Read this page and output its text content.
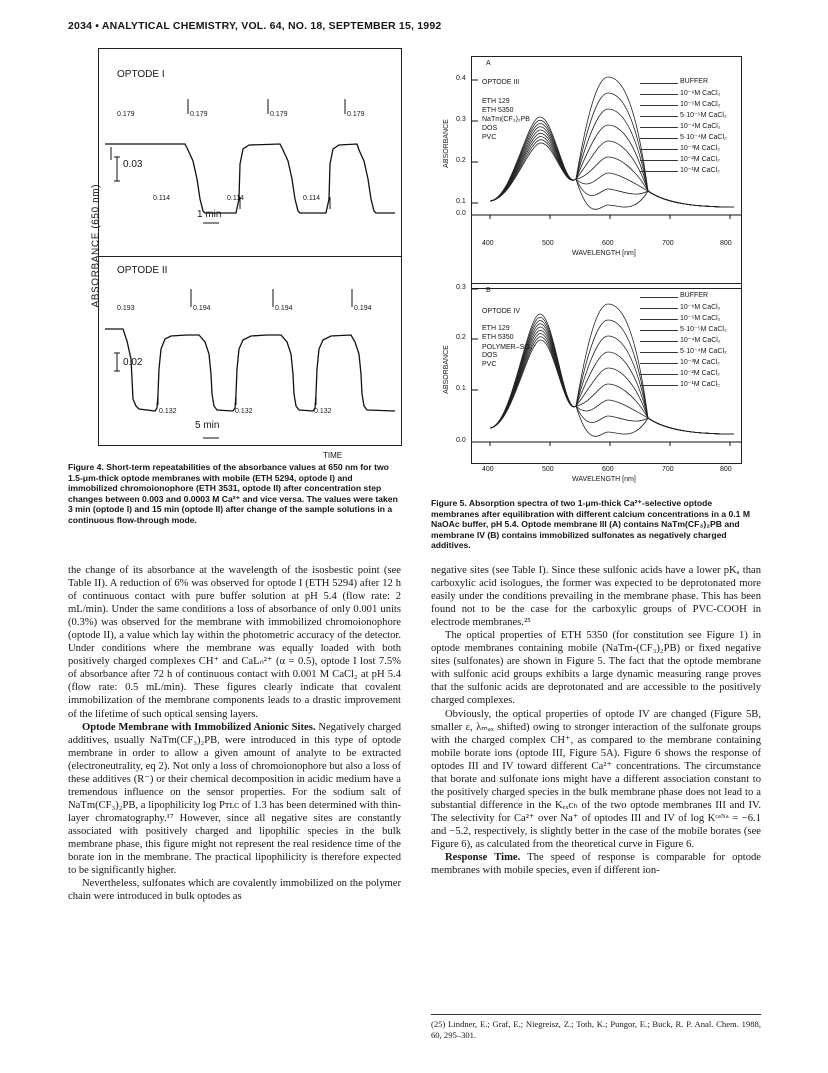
2034 • ANALYTICAL CHEMISTRY, VOL. 64, NO. 18, SEPTEMBER 15, 1992
OPTODE I
OPTODE II
0.179	0.179	0.179	0.179
0.03
0.114	0.114	0.114
1 min
0.193	0.194	0.194	0.194
0.02
0.132	0.132	0.132
5 min
ABSORBANCE (650 nm)
TIME
Figure 4. Short-term repeatabilities of the absorbance values at 650 nm for two 1.5-μm-thick optode membranes with mobile (ETH 5294, optode I) and immobilized chromoionophore (ETH 3531, optode II) after concentration step changes between 0.003 and 0.0003 M Ca²⁺ and vice versa. The values were taken 3 min (optode I) and 15 min (optode II) after change of the sample solutions in a continuous flow-through mode.
A
OPTODE III
ETH 129
ETH 5350
NaTm(CF₃)₂PB
DOS
PVC
BUFFER
10⁻⁶M CaCl₂
10⁻⁵M CaCl₂
5·10⁻⁵M CaCl₂
10⁻⁴M CaCl₂
5·10⁻⁴M CaCl₂
10⁻³M CaCl₂
10⁻²M CaCl₂
10⁻¹M CaCl₂
0.4
0.3
0.2
0.1
0.0
400	500	600	700	800
WAVELENGTH [nm]
ABSORBANCE
B
OPTODE IV
ETH 129
ETH 5350
POLYMER–SO₃⁻
DOS
PVC
BUFFER
10⁻⁶M CaCl₂
10⁻⁵M CaCl₂
5·10⁻⁵M CaCl₂
10⁻⁴M CaCl₂
5·10⁻⁴M CaCl₂
10⁻³M CaCl₂
10⁻²M CaCl₂
10⁻¹M CaCl₂
0.3
0.2
0.1
0.0
400	500	600	700	800
WAVELENGTH [nm]
ABSORBANCE
Figure 5. Absorption spectra of two 1-μm-thick Ca²⁺-selective optode membranes after equilibration with different calcium concentrations in a 0.1 M NaOAc buffer, pH 5.4. Optode membrane III (A) contains NaTm(CF₃)₂PB and membrane IV (B) contains immobilized sulfonates as negatively charged additives.

the change of its absorbance at the wavelength of the isosbestic point (see Table II). A reduction of 6% was observed for optode I (ETH 5294) after 12 h of continuous contact with pure buffer solution at pH 5.4 (flow rate: 2 mL/min). Under the same conditions a loss of absorbance of only 0.001 units (0.3%) was observed for the membrane with immobilized chromoionophore (optode II), a value which lay within the photometric accuracy of the detector. Under conditions where the membrane was equally loaded with both positively charged complexes CH⁺ and CaLₙ²⁺ (α = 0.5), optode I lost 7.5% of absorbance after 72 h of continuous contact with 0.001 M CaCl₂ at pH 5.4 (flow rate: 0.5 mL/min). These figures clearly indicate that covalent immobilization of the membrane components leads to a drastic improvement of the lifetime of such optical sensing layers.

Optode Membrane with Immobilized Anionic Sites. Negatively charged additives, usually NaTm(CF₃)₂PB, were introduced in this type of optode membrane in order to allow a given amount of analyte to be extracted (electroneutrality, eq 2). Not only a loss of chromoionophore but also a loss of these additives (R⁻) or their chemical decomposition in acidic medium have a tremendous influence on the sensor properties. For the sodium salt of NaTm(CF₃)₂PB, a lipophilicity log Pᴛʟᴄ of 1.3 has been determined with thin-layer chromatography.¹⁷ However, since all negative sites are constantly associated with positively charged and lipophilic species in the bulk membrane phase, this figure might not represent the real residence time of the borate ion in the membrane. The practical lipophilicity is therefore expected to be significantly higher.

Nevertheless, sulfonates which are covalently immobilized on the polymer chain were introduced in bulk optodes as

negative sites (see Table I). Since these sulfonic acids have a lower pKₐ than carboxylic acid isologues, the former was expected to be deprotonated more easily under the conditions prevailing in the membrane phase. This has been found not to be the case for the carboxylic groups of PVC-COOH in electrode membranes.²⁵

The optical properties of ETH 5350 (for constitution see Figure 1) in optode membranes containing mobile (NaTm-(CF₃)₂PB) or fixed negative sites (sulfonates) are shown in Figure 5. The fact that the optode membrane with sulfonic acid groups exhibits a large dynamic measuring range proves that the sulfonic acids are deprotonated and are accessible to the positively charged complexes.

Obviously, the optical properties of optode IV are changed (Figure 5B, smaller ε, λₘₐₓ shifted) owing to stronger interaction of the sulfonate groups with the charged complex CH⁺, as compared to the membrane containing mobile borate ions (optode III, Figure 5A). Figure 6 shows the response of optodes III and IV toward different Ca²⁺ concentrations. The circumstance that borate and sulfonate ions might have a different association constant to the positively charged species in the bulk membrane phase does not lead to a substantial difference in the Kₑₓᴄₕ of the two optode membranes III and IV. The selectivity for Ca²⁺ over Na⁺ of optodes III and IV of log Kᶜᵃᴺᵃ = −6.1 and −5.2, respectively, is slightly better in the case of the mobile borates (see Figure 6), as calculated from the theoretical curve in Figure 6.

Response Time. The speed of response is comparable for optode membranes with mobile species, even if different ion-

(25) Lindner, E.; Graf, E.; Niegreisz, Z.; Toth, K.; Pungor, E.; Buck, R. P. Anal. Chem. 1988, 60, 295–301.
